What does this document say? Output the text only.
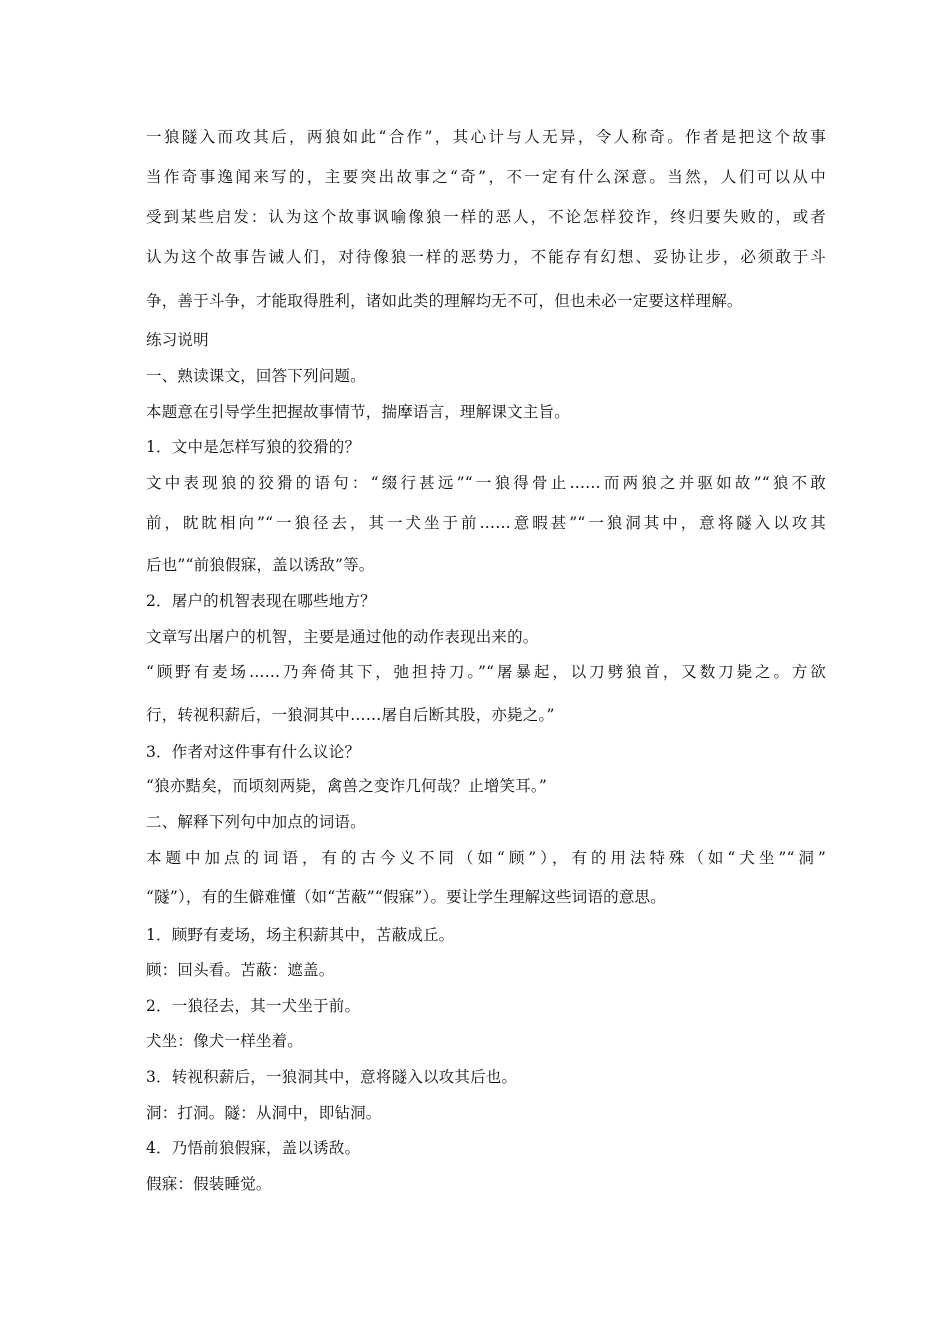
一狼隧入而攻其后，两狼如此“合作”，其心计与人无异，令人称奇。作者是把这个故事
当作奇事逸闻来写的，主要突出故事之“奇”，不一定有什么深意。当然，人们可以从中
受到某些启发：认为这个故事讽喻像狼一样的恶人，不论怎样狡诈，终归要失败的，或者
认为这个故事告诫人们，对待像狼一样的恶势力，不能存有幻想、妥协让步，必须敢于斗
争，善于斗争，才能取得胜利，诸如此类的理解均无不可，但也未必一定要这样理解。
练习说明
一、熟读课文，回答下列问题。
本题意在引导学生把握故事情节，揣摩语言，理解课文主旨。
1．文中是怎样写狼的狡猾的？
文中表现狼的狡猾的语句：“缀行甚远”“一狼得骨止……而两狼之并驱如故”“狼不敢
前，眈眈相向”“一狼径去，其一犬坐于前……意暇甚”“一狼洞其中，意将隧入以攻其
后也”“前狼假寐，盖以诱敌”等。
2．屠户的机智表现在哪些地方？
文章写出屠户的机智，主要是通过他的动作表现出来的。
“顾野有麦场……乃奔倚其下，弛担持刀。”“屠暴起，以刀劈狼首，又数刀毙之。方欲
行，转视积薪后，一狼洞其中……屠自后断其股，亦毙之。”
3．作者对这件事有什么议论？
“狼亦黠矣，而顷刻两毙，禽兽之变诈几何哉？止增笑耳。”
二、解释下列句中加点的词语。
本题中加点的词语，有的古今义不同（如“顾”），有的用法特殊（如“犬坐”“洞”
“隧”），有的生僻难懂（如“苫蔽”“假寐”）。要让学生理解这些词语的意思。
1．顾野有麦场，场主积薪其中，苫蔽成丘。
顾：回头看。苫蔽：遮盖。
2．一狼径去，其一犬坐于前。
犬坐：像犬一样坐着。
3．转视积薪后，一狼洞其中，意将隧入以攻其后也。
洞：打洞。隧：从洞中，即钻洞。
4．乃悟前狼假寐，盖以诱敌。
假寐：假装睡觉。
